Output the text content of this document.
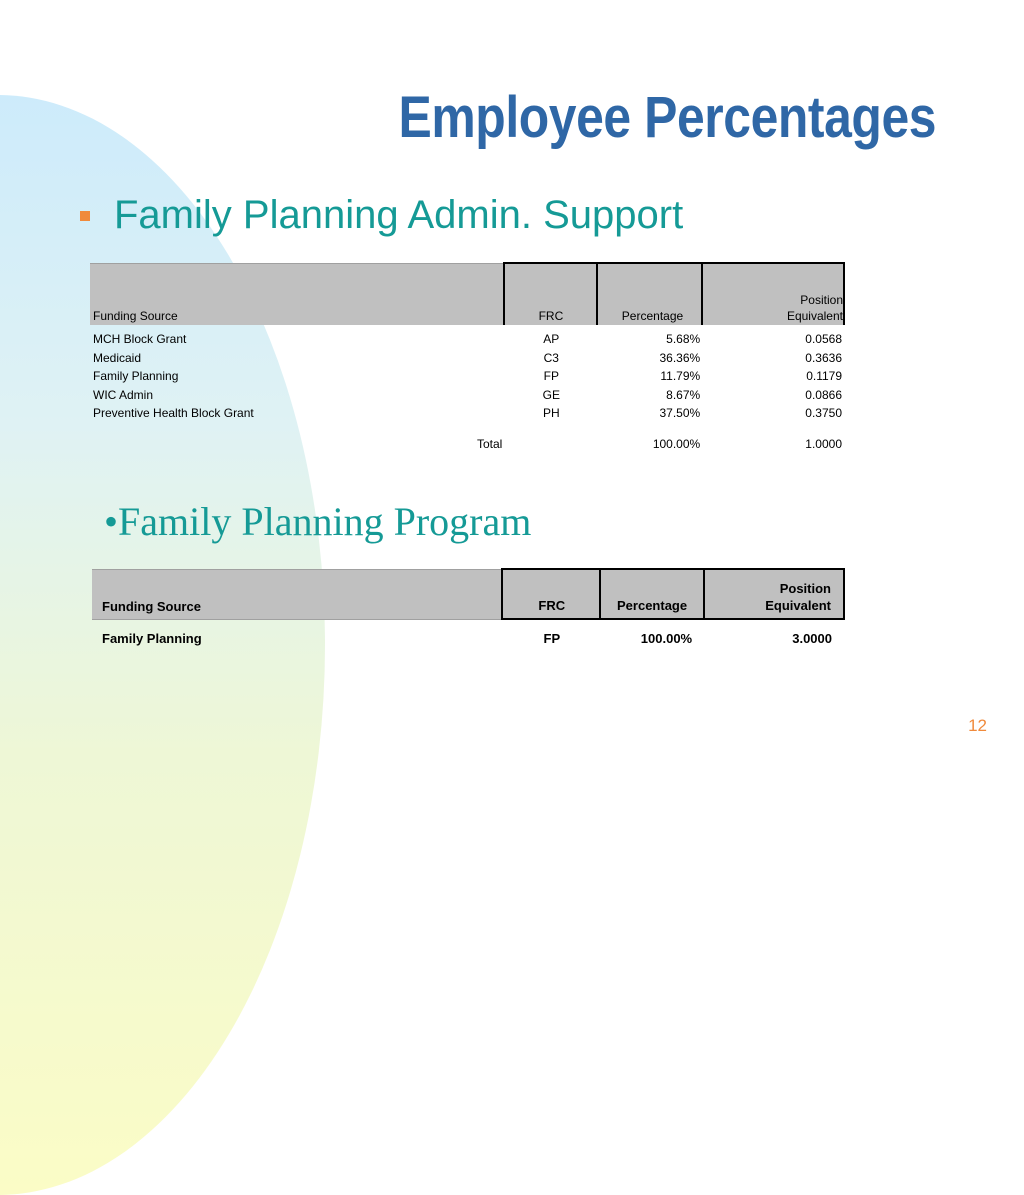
Employee Percentages
Family Planning Admin. Support
Funding Source	FRC	Percentage	Position
Equivalent
MCH Block Grant	AP	5.68%	0.0568
Medicaid	C3	36.36%	0.3636
Family Planning	FP	11.79%	0.1179
WIC Admin	GE	8.67%	0.0866
Preventive Health Block Grant	PH	37.50%	0.3750
Total		100.00%	1.0000
•Family Planning Program
Funding Source	FRC	Percentage	Position
Equivalent
Family Planning	FP	100.00%	3.0000
12
